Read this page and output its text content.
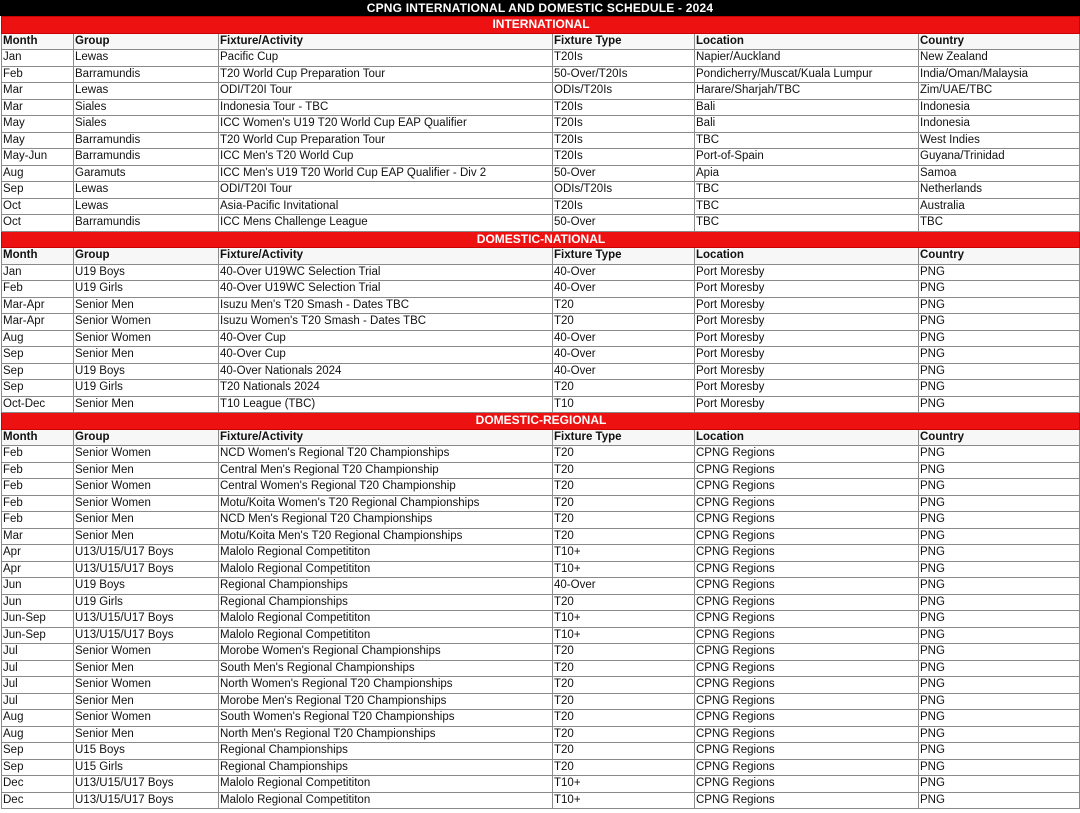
CPNG INTERNATIONAL AND DOMESTIC SCHEDULE - 2024
INTERNATIONAL					
Month	Group	Fixture/Activity	Fixture Type	Location	Country
Jan	Lewas	Pacific Cup	T20Is	Napier/Auckland	New Zealand
Feb	Barramundis	T20 World Cup Preparation Tour	50-Over/T20Is	Pondicherry/Muscat/Kuala Lumpur	India/Oman/Malaysia
Mar	Lewas	ODI/T20I Tour	ODIs/T20Is	Harare/Sharjah/TBC	Zim/UAE/TBC
Mar	Siales	Indonesia Tour - TBC	T20Is	Bali	Indonesia
May	Siales	ICC Women's U19 T20 World Cup EAP Qualifier	T20Is	Bali	Indonesia
May	Barramundis	T20 World Cup Preparation Tour	T20Is	TBC	West Indies
May-Jun	Barramundis	ICC Men's T20 World Cup	T20Is	Port-of-Spain	Guyana/Trinidad
Aug	Garamuts	ICC Men's U19 T20 World Cup EAP Qualifier - Div 2	50-Over	Apia	Samoa
Sep	Lewas	ODI/T20I Tour	ODIs/T20Is	TBC	Netherlands
Oct	Lewas	Asia-Pacific Invitational	T20Is	TBC	Australia
Oct	Barramundis	ICC Mens Challenge League	50-Over	TBC	TBC
DOMESTIC-NATIONAL					
Month	Group	Fixture/Activity	Fixture Type	Location	Country
Jan	U19 Boys	40-Over U19WC Selection Trial	40-Over	Port Moresby	PNG
Feb	U19 Girls	40-Over U19WC Selection Trial	40-Over	Port Moresby	PNG
Mar-Apr	Senior Men	Isuzu Men's T20 Smash - Dates TBC	T20	Port Moresby	PNG
Mar-Apr	Senior Women	Isuzu Women's T20 Smash - Dates TBC	T20	Port Moresby	PNG
Aug	Senior Women	40-Over Cup	40-Over	Port Moresby	PNG
Sep	Senior Men	40-Over Cup	40-Over	Port Moresby	PNG
Sep	U19 Boys	40-Over Nationals 2024	40-Over	Port Moresby	PNG
Sep	U19 Girls	T20 Nationals 2024	T20	Port Moresby	PNG
Oct-Dec	Senior Men	T10 League (TBC)	T10	Port Moresby	PNG
DOMESTIC-REGIONAL					
Month	Group	Fixture/Activity	Fixture Type	Location	Country
Feb	Senior Women	NCD Women's Regional T20 Championships	T20	CPNG Regions	PNG
Feb	Senior Men	Central Men's Regional T20 Championship	T20	CPNG Regions	PNG
Feb	Senior Women	Central Women's Regional T20 Championship	T20	CPNG Regions	PNG
Feb	Senior Women	Motu/Koita Women's T20 Regional Championships	T20	CPNG Regions	PNG
Feb	Senior Men	NCD Men's Regional T20 Championships	T20	CPNG Regions	PNG
Mar	Senior Men	Motu/Koita Men's T20 Regional Championships	T20	CPNG Regions	PNG
Apr	U13/U15/U17 Boys	Malolo Regional Competititon	T10+	CPNG Regions	PNG
Apr	U13/U15/U17 Boys	Malolo Regional Competititon	T10+	CPNG Regions	PNG
Jun	U19 Boys	Regional Championships	40-Over	CPNG Regions	PNG
Jun	U19 Girls	Regional Championships	T20	CPNG Regions	PNG
Jun-Sep	U13/U15/U17 Boys	Malolo Regional Competititon	T10+	CPNG Regions	PNG
Jun-Sep	U13/U15/U17 Boys	Malolo Regional Competititon	T10+	CPNG Regions	PNG
Jul	Senior Women	Morobe Women's Regional Championships	T20	CPNG Regions	PNG
Jul	Senior Men	South Men's Regional Championships	T20	CPNG Regions	PNG
Jul	Senior Women	North Women's Regional T20 Championships	T20	CPNG Regions	PNG
Jul	Senior Men	Morobe Men's Regional T20 Championships	T20	CPNG Regions	PNG
Aug	Senior Women	South Women's Regional T20 Championships	T20	CPNG Regions	PNG
Aug	Senior Men	North Men's Regional T20 Championships	T20	CPNG Regions	PNG
Sep	U15 Boys	Regional Championships	T20	CPNG Regions	PNG
Sep	U15 Girls	Regional Championships	T20	CPNG Regions	PNG
Dec	U13/U15/U17 Boys	Malolo Regional Competititon	T10+	CPNG Regions	PNG
Dec	U13/U15/U17 Boys	Malolo Regional Competititon	T10+	CPNG Regions	PNG
